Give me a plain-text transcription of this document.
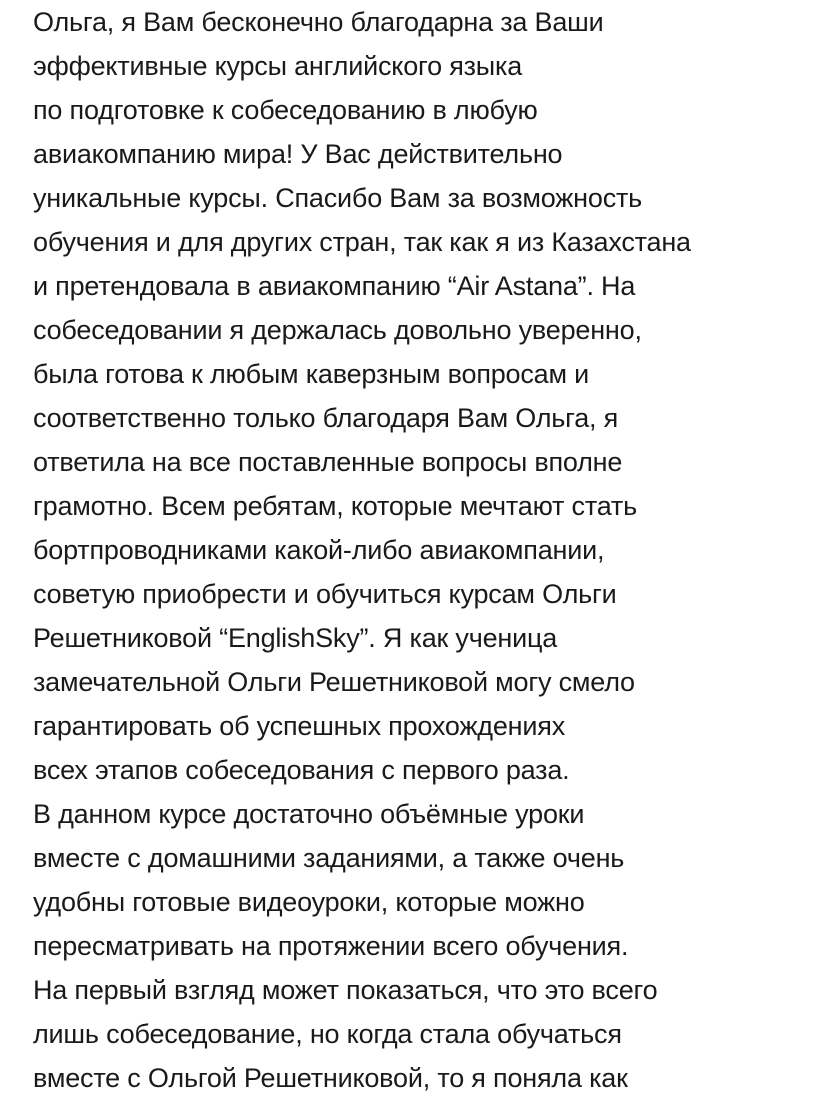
Ольга, я Вам бесконечно благодарна за Ваши
эффективные курсы английского языка
по подготовке к собеседованию в любую
авиакомпанию мира! У Вас действительно
уникальные курсы. Спасибо Вам за возможность
обучения и для других стран, так как я из Казахстана
и претендовала в авиакомпанию “Air Astana”. На
собеседовании я держалась довольно уверенно,
была готова к любым каверзным вопросам и
соответственно только благодаря Вам Ольга, я
ответила на все поставленные вопросы вполне
грамотно. Всем ребятам, которые мечтают стать
бортпроводниками какой-либо авиакомпании,
советую приобрести и обучиться курсам Ольги
Решетниковой “EnglishSky”. Я как ученица
замечательной Ольги Решетниковой могу смело
гарантировать об успешных прохождениях
всех этапов собеседования с первого раза.
В данном курсе достаточно объёмные уроки
вместе с домашними заданиями, а также очень
удобны готовые видеоуроки, которые можно
пересматривать на протяжении всего обучения.
На первый взгляд может показаться, что это всего
лишь собеседование, но когда стала обучаться
вместе с Ольгой Решетниковой, то я поняла как
